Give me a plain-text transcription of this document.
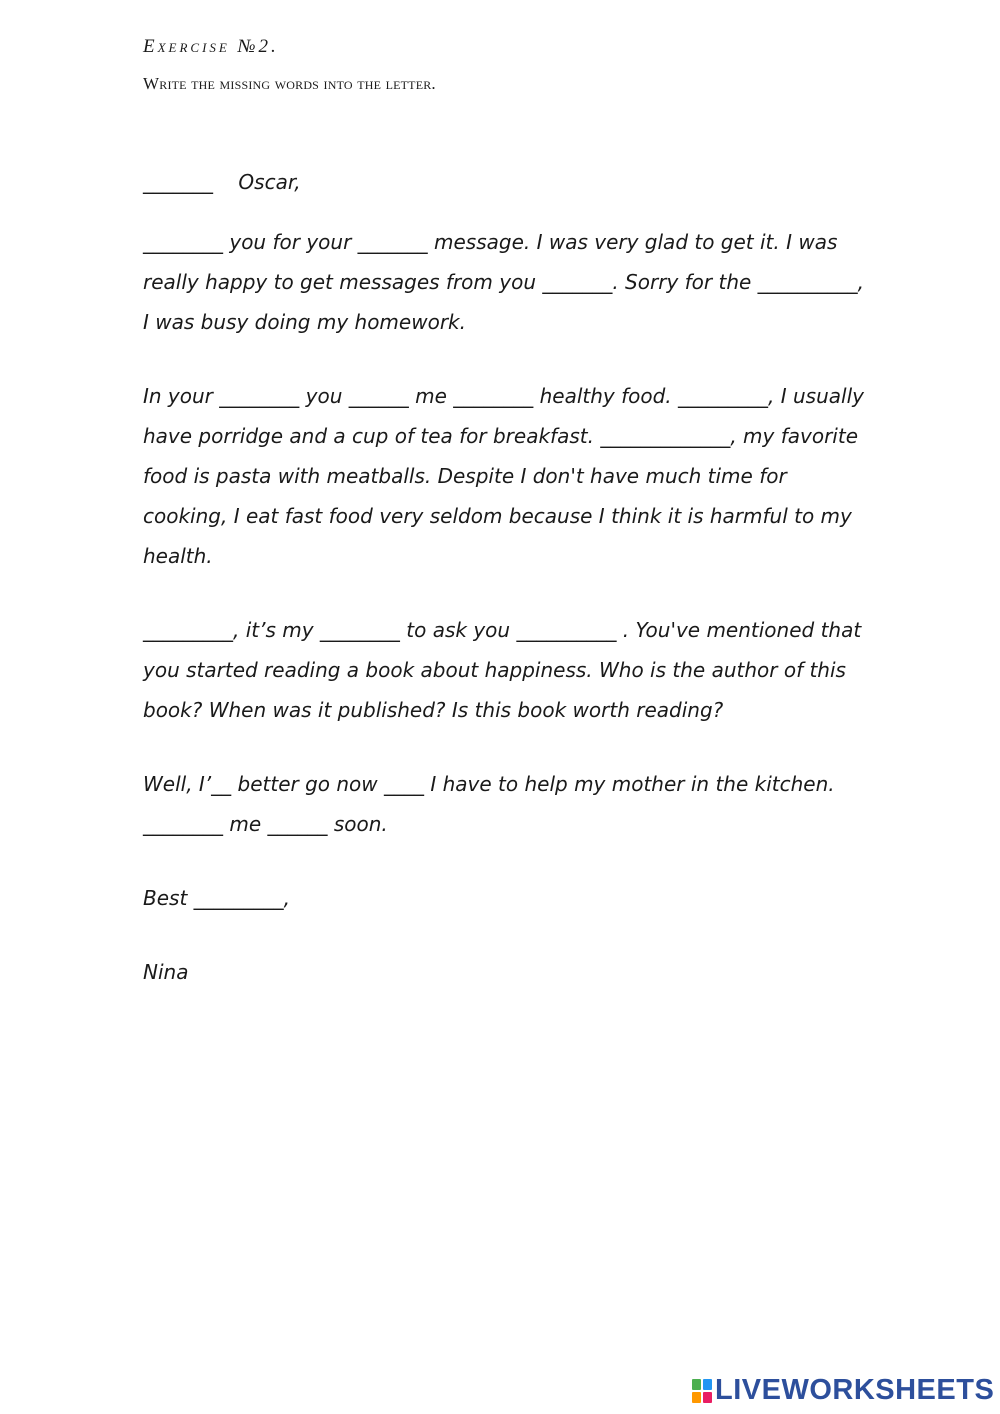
Exercise №2.
Write the missing words into the letter.

_______    Oscar,

________ you for your _______ message. I was very glad to get it. I was

really happy to get messages from you _______. Sorry for the __________,

I was busy doing my homework.

In your ________ you ______ me ________ healthy food. _________, I usually

have porridge and a cup of tea for breakfast. _____________, my favorite

food is pasta with meatballs. Despite I don't have much time for

cooking, I eat fast food very seldom because I think it is harmful to my

health.

_________, it’s my ________ to ask you __________ . You've mentioned that

you started reading a book about happiness. Who is the author of this

book? When was it published? Is this book worth reading?

Well, I’__ better go now ____ I have to help my mother in the kitchen.

________ me ______ soon.

Best _________,

Nina

LIVEWORKSHEETS
